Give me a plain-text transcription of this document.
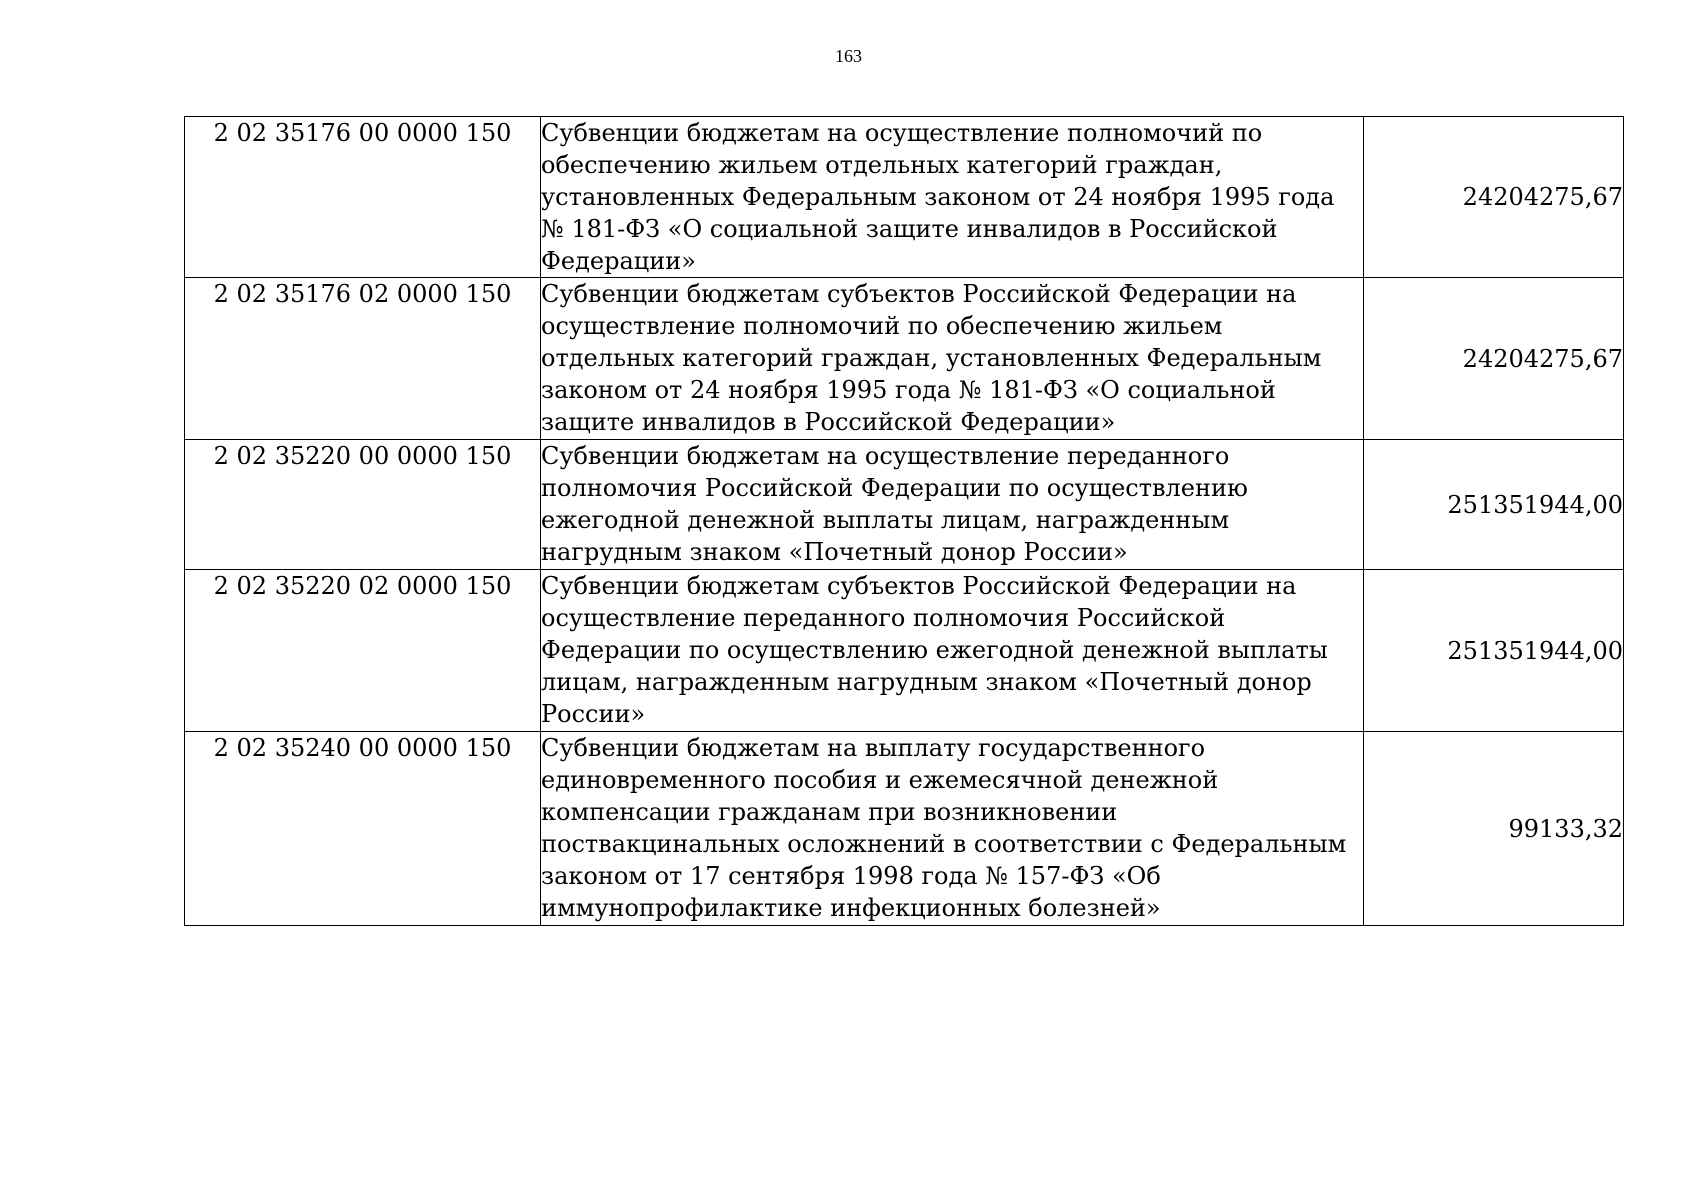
163
2 02 35176 00 0000 150	Субвенции бюджетам на осуществление полномочий по обеспечению жильем отдельных категорий граждан, установленных Федеральным законом от 24 ноября 1995 года № 181-ФЗ «О социальной защите инвалидов в Российской Федерации»	24204275,67
2 02 35176 02 0000 150	Субвенции бюджетам субъектов Российской Федерации на осуществление полномочий по обеспечению жильем отдельных категорий граждан, установленных Федеральным законом от 24 ноября 1995 года № 181-ФЗ «О социальной защите инвалидов в Российской Федерации»	24204275,67
2 02 35220 00 0000 150	Субвенции бюджетам на осуществление переданного полномочия Российской Федерации по осуществлению ежегодной денежной выплаты лицам, награжденным нагрудным знаком «Почетный донор России»	251351944,00
2 02 35220 02 0000 150	Субвенции бюджетам субъектов Российской Федерации на осуществление переданного полномочия Российской Федерации по осуществлению ежегодной денежной выплаты лицам, награжденным нагрудным знаком «Почетный донор России»	251351944,00
2 02 35240 00 0000 150	Субвенции бюджетам на выплату государственного единовременного пособия и ежемесячной денежной компенсации гражданам при возникновении поствакцинальных осложнений в соответствии с Федеральным законом от 17 сентября 1998 года № 157-ФЗ «Об иммунопрофилактике инфекционных болезней»	99133,32
